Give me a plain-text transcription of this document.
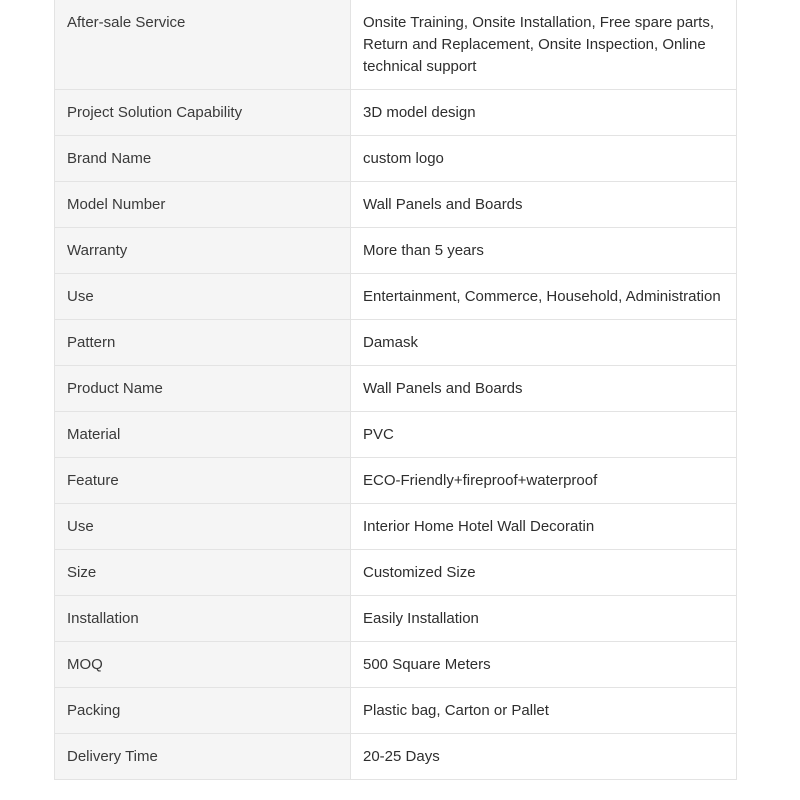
After-sale Service	Onsite Training, Onsite Installation, Free spare parts, Return and Replacement, Onsite Inspection, Online technical support
Project Solution Capability	3D model design
Brand Name	custom logo
Model Number	Wall Panels and Boards
Warranty	More than 5 years
Use	Entertainment, Commerce, Household, Administration
Pattern	Damask
Product Name	Wall Panels and Boards
Material	PVC
Feature	ECO-Friendly+fireproof+waterproof
Use	Interior Home Hotel Wall Decoratin
Size	Customized Size
Installation	Easily Installation
MOQ	500 Square Meters
Packing	Plastic bag, Carton or Pallet
Delivery Time	20-25 Days
